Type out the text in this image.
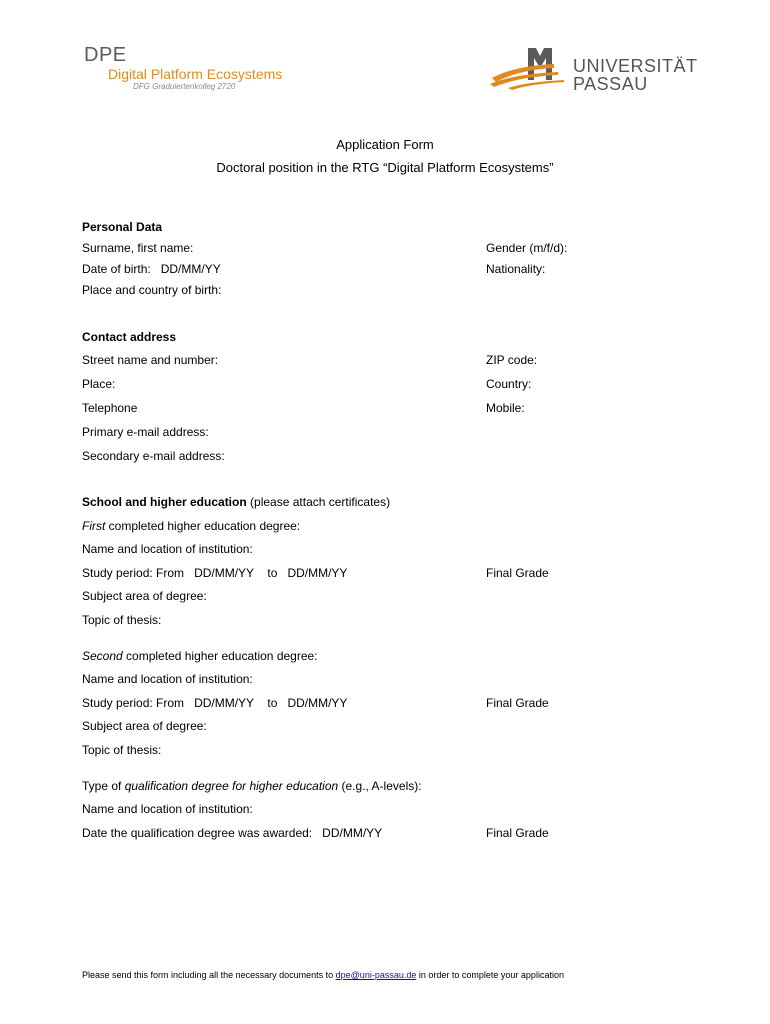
DPE
Digital Platform Ecosystems
DFG Graduiertenkolleg 2720
UNIVERSITÄT
PASSAU
Application Form
Doctoral position in the RTG “Digital Platform Ecosystems”
Personal Data
Surname, first name:	Gender (m/f/d):
Date of birth: DD/MM/YY	Nationality:
Place and country of birth:
Contact address
Street name and number:	ZIP code:
Place:	Country:
Telephone	Mobile:
Primary e-mail address:
Secondary e-mail address:
School and higher education (please attach certificates)
First completed higher education degree:
Name and location of institution:
Study period: From DD/MM/YY to DD/MM/YY	Final Grade
Subject area of degree:
Topic of thesis:
Second completed higher education degree:
Name and location of institution:
Study period: From DD/MM/YY to DD/MM/YY	Final Grade
Subject area of degree:
Topic of thesis:
Type of qualification degree for higher education (e.g., A-levels):
Name and location of institution:
Date the qualification degree was awarded: DD/MM/YY	Final Grade
Please send this form including all the necessary documents to dpe@uni-passau.de in order to complete your application
